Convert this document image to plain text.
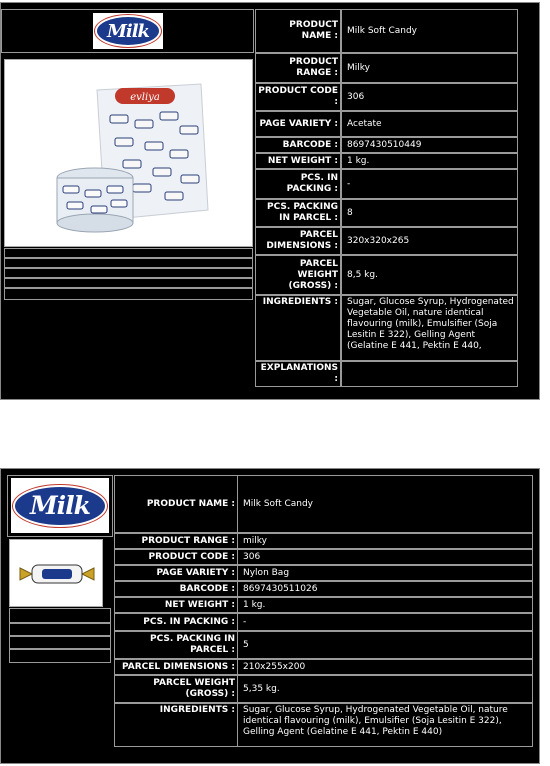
Milk
evliya
PRODUCT NAME :
Milk Soft Candy
PRODUCT RANGE :
Milky
PRODUCT CODE :
306
PAGE VARIETY :	Acetate
BARCODE :	8697430510449
NET WEIGHT :	1 kg.
PCS. IN PACKING :
-
PCS. PACKING IN PARCEL :
8
PARCEL DIMENSIONS :
320x320x265
PARCEL WEIGHT (GROSS) :
8,5 kg.
INGREDIENTS :	Sugar, Glucose Syrup, Hydrogenated Vegetable Oil, nature identical flavouring (milk), Emulsifier (Soja Lesitin E 322), Gelling Agent (Gelatine E 441, Pektin E 440,
EXPLANATIONS :
Milk	PRODUCT NAME : Milk Soft Candy
PRODUCT RANGE : milky
PRODUCT CODE : 306
PAGE VARIETY : Nylon Bag
BARCODE : 8697430511026
NET WEIGHT : 1 kg.
PCS. IN PACKING : -
PCS. PACKING IN PARCEL :
5
PARCEL DIMENSIONS : 210x255x200
PARCEL WEIGHT (GROSS) :
5,35 kg.
INGREDIENTS : Sugar, Glucose Syrup, Hydrogenated Vegetable Oil, nature identical flavouring (milk), Emulsifier (Soja Lesitin E 322), Gelling Agent (Gelatine E 441, Pektin E 440)
